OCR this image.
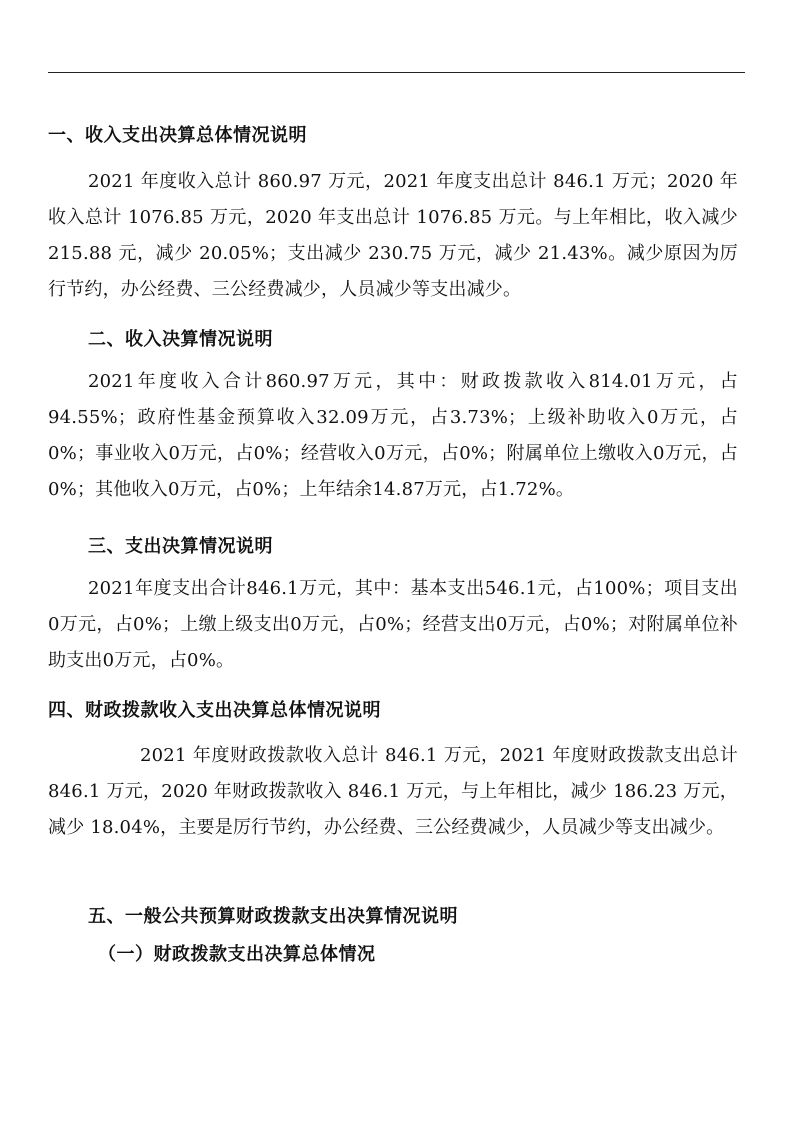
一、收入支出决算总体情况说明
2021 年度收入总计 860.97 万元，2021 年度支出总计 846.1 万元；2020 年收入总计 1076.85 万元，2020 年支出总计 1076.85 万元。与上年相比，收入减少 215.88 元，减少 20.05%；支出减少 230.75 万元，减少 21.43%。减少原因为厉行节约，办公经费、三公经费减少，人员减少等支出减少。
二、收入决算情况说明
2021年度收入合计860.97万元，其中：财政拨款收入814.01万元，占94.55%；政府性基金预算收入32.09万元，占3.73%；上级补助收入0万元，占0%；事业收入0万元，占0%；经营收入0万元，占0%；附属单位上缴收入0万元，占0%；其他收入0万元，占0%；上年结余14.87万元，占1.72%。
三、支出决算情况说明
2021年度支出合计846.1万元，其中：基本支出546.1元，占100%；项目支出0万元，占0%；上缴上级支出0万元，占0%；经营支出0万元，占0%；对附属单位补助支出0万元，占0%。
四、财政拨款收入支出决算总体情况说明
2021 年度财政拨款收入总计 846.1 万元，2021 年度财政拨款支出总计 846.1 万元，2020 年财政拨款收入 846.1 万元，与上年相比，减少 186.23 万元，减少 18.04%，主要是厉行节约，办公经费、三公经费减少，人员减少等支出减少。
五、一般公共预算财政拨款支出决算情况说明
（一）财政拨款支出决算总体情况
